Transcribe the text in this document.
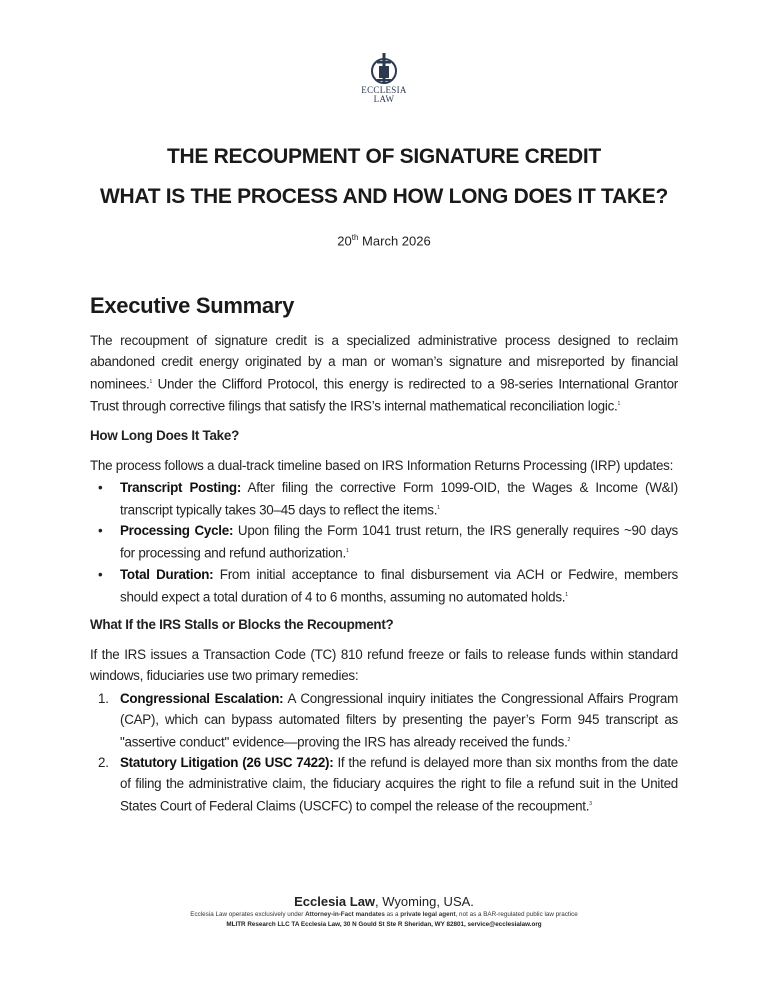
ECCLESIA
LAW
THE RECOUPMENT OF SIGNATURE CREDIT
WHAT IS THE PROCESS AND HOW LONG DOES IT TAKE?
20th March 2026
Executive Summary
The recoupment of signature credit is a specialized administrative process designed to reclaim abandoned credit energy originated by a man or woman’s signature and misreported by financial nominees.$^1$ Under the Clifford Protocol, this energy is redirected to a 98-series International Grantor Trust through corrective filings that satisfy the IRS’s internal mathematical reconciliation logic.$^1$
How Long Does It Take?
The process follows a dual-track timeline based on IRS Information Returns Processing (IRP) updates:
• Transcript Posting: After filing the corrective Form 1099-OID, the Wages & Income (W&I) transcript typically takes 30–45 days to reflect the items.$^1$
• Processing Cycle: Upon filing the Form 1041 trust return, the IRS generally requires ~90 days for processing and refund authorization.$^1$
• Total Duration: From initial acceptance to final disbursement via ACH or Fedwire, members should expect a total duration of 4 to 6 months, assuming no automated holds.$^1$
What If the IRS Stalls or Blocks the Recoupment?
If the IRS issues a Transaction Code (TC) 810 refund freeze or fails to release funds within standard windows, fiduciaries use two primary remedies:
1. Congressional Escalation: A Congressional inquiry initiates the Congressional Affairs Program (CAP), which can bypass automated filters by presenting the payer’s Form 945 transcript as "assertive conduct" evidence—proving the IRS has already received the funds.$^2$
2. Statutory Litigation (26 USC 7422): If the refund is delayed more than six months from the date of filing the administrative claim, the fiduciary acquires the right to file a refund suit in the United States Court of Federal Claims (USCFC) to compel the release of the recoupment.$^3$
Ecclesia Law, Wyoming, USA.
Ecclesia Law operates exclusively under Attorney-in-Fact mandates as a private legal agent, not as a BAR-regulated public law practice
MLITR Research LLC TA Ecclesia Law, 30 N Gould St Ste R Sheridan, WY 82801, service@ecclesialaw.org
